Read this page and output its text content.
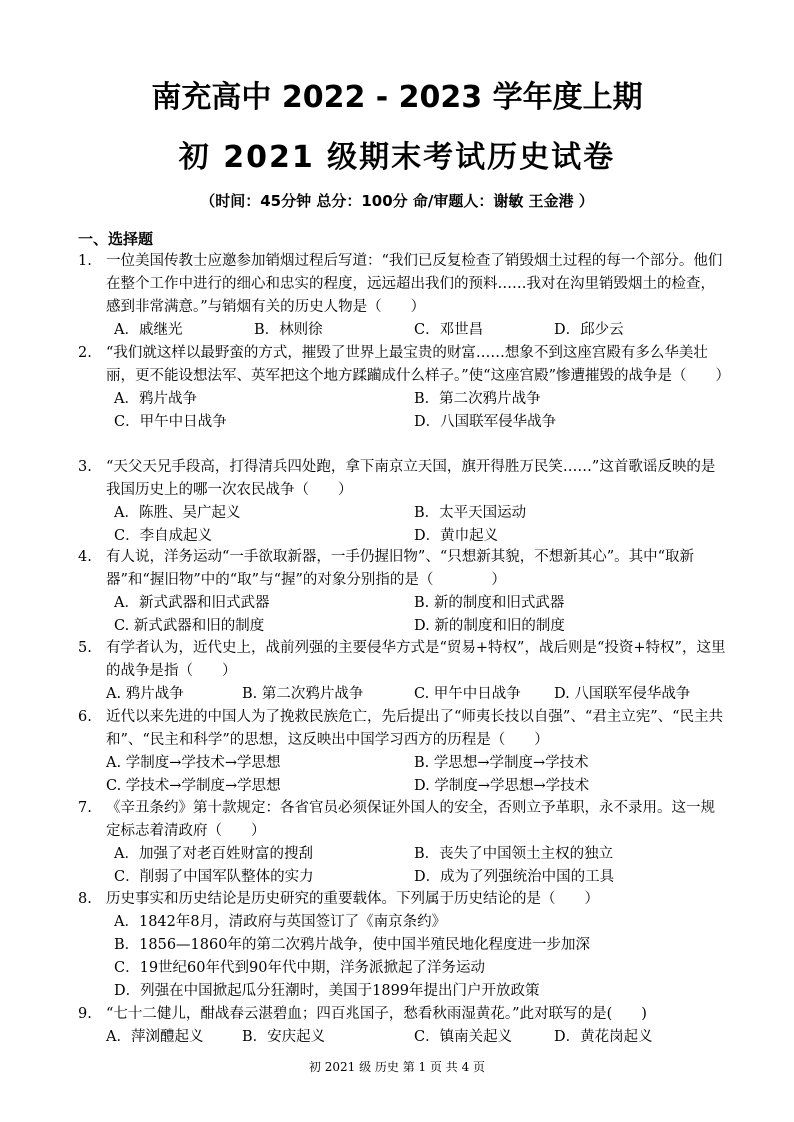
南充高中 2022 - 2023 学年度上期
初 2021 级期末考试历史试卷
（时间：45分钟 总分：100分 命/审题人：谢敏 王金港 ）
一、选择题
1. 一位美国传教士应邀参加销烟过程后写道：“我们已反复检查了销毁烟土过程的每一个部分。他们在整个工作中进行的细心和忠实的程度，远远超出我们的预料……我对在沟里销毁烟土的检查，感到非常满意。”与销烟有关的历史人物是（　　）
A．戚继光	B．林则徐	C．邓世昌	D．邱少云
2. “我们就这样以最野蛮的方式，摧毁了世界上最宝贵的财富……想象不到这座宫殿有多么华美壮丽，更不能设想法军、英军把这个地方蹂躏成什么样子。”使“这座宫殿”惨遭摧毁的战争是（　　）
A．鸦片战争	B．第二次鸦片战争
C．甲午中日战争	D．八国联军侵华战争
3. “天父天兄手段高，打得清兵四处跑，拿下南京立天国，旗开得胜万民笑……”这首歌谣反映的是我国历史上的哪一次农民战争（　　）
A．陈胜、吴广起义	B．太平天国运动
C．李自成起义	D．黄巾起义
4. 有人说，洋务运动“一手欲取新器，一手仍握旧物”、“只想新其貌，不想新其心”。其中“取新器”和“握旧物”中的“取”与“握”的对象分别指的是（　　　　）
A．新式武器和旧式武器	B. 新的制度和旧式武器
C. 新式武器和旧的制度	D. 新的制度和旧的制度
5. 有学者认为，近代史上，战前列强的主要侵华方式是“贸易+特权”，战后则是“投资+特权”，这里的战争是指（　　）
A. 鸦片战争	B. 第二次鸦片战争	C. 甲午中日战争 D. 八国联军侵华战争
6. 近代以来先进的中国人为了挽救民族危亡，先后提出了“师夷长技以自强”、“君主立宪”、“民主共和”、“民主和科学”的思想，这反映出中国学习西方的历程是（　　）
A. 学制度→学技术→学思想	B. 学思想→学制度→学技术
C. 学技术→学制度→学思想	D. 学制度→学思想→学技术
7. 《辛丑条约》第十款规定：各省官员必须保证外国人的安全，否则立予革职，永不录用。这一规定标志着清政府（　　）
A．加强了对老百姓财富的搜刮	B．丧失了中国领土主权的独立
C．削弱了中国军队整体的实力	D．成为了列强统治中国的工具
8. 历史事实和历史结论是历史研究的重要载体。下列属于历史结论的是（　　）
A．1842年8月，清政府与英国签订了《南京条约》
B．1856—1860年的第二次鸦片战争，使中国半殖民地化程度进一步加深
C．19世纪60年代到90年代中期，洋务派掀起了洋务运动
D．列强在中国掀起瓜分狂潮时，美国于1899年提出门户开放政策
9. “七十二健儿，酣战春云湛碧血；四百兆国子，愁看秋雨湿黄花。”此对联写的是(　　)
A．萍浏醴起义	B．安庆起义	C．镇南关起义	D．黄花岗起义
初 2021 级 历史 第 1 页 共 4 页
